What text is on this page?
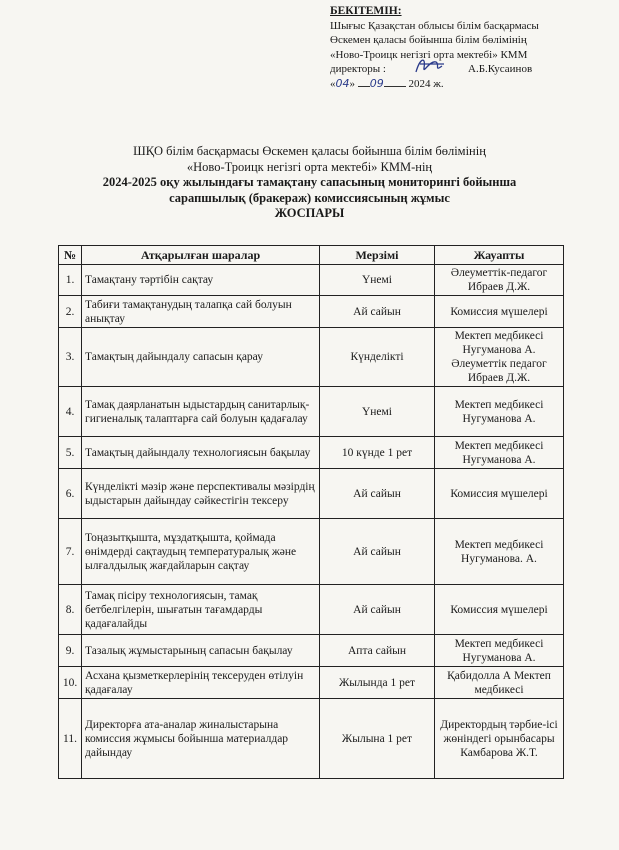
БЕКІТЕМІН:
Шығыс Қазақстан облысы білім басқармасы
Өскемен қаласы бойынша білім бөлімінің
«Ново-Троицк негізгі орта мектебі» КММ
директоры :	А.Б.Кусаинов
«04» 09 2024 ж.
ШҚО білім басқармасы Өскемен қаласы бойынша білім бөлімінің
«Ново-Троицк негізгі орта мектебі» КММ-нің
2024-2025 оқу жылындағы тамақтану сапасының мониторингі бойынша
сарапшылық (бракераж) комиссиясының жұмыс
ЖОСПАРЫ
№	Атқарылған шаралар	Мерзімі	Жауапты
1.	Тамақтану тәртібін сақтау	Үнемі	Әлеуметтік-педагог Ибраев Д.Ж.
2.	Табиғи тамақтанудың талапқа сай болуын анықтау	Ай сайын	Комиссия мүшелері
3.	Тамақтың дайындалу сапасын қарау	Күнделікті	Мектеп медбикесі Нугуманова А. Әлеуметтік педагог Ибраев Д.Ж.
4.	Тамақ даярланатын ыдыстардың санитарлық-гигиеналық талаптарға сай болуын қадағалау	Үнемі	Мектеп медбикесі Нугуманова А.
5.	Тамақтың дайындалу технологиясын бақылау	10 күнде 1 рет	Мектеп медбикесі Нугуманова А.
6.	Күнделікті мәзір және перспективалы мәзірдің ыдыстарын дайындау сәйкестігін тексеру	Ай сайын	Комиссия мүшелері
7.	Тоңазытқышта, мұздатқышта, қоймада өнімдерді сақтаудың температуралық және ылғалдылық жағдайларын сақтау	Ай сайын	Мектеп медбикесі Нугуманова. А.
8.	Тамақ пісіру технологиясын, тамақ бетбелгілерін, шығатын тағамдарды қадағалайды	Ай сайын	Комиссия мүшелері
9.	Тазалық жұмыстарының сапасын бақылау	Апта сайын	Мектеп медбикесі Нугуманова А.
10.	Асхана қызметкерлерінің тексеруден өтілуін қадағалау	Жылында 1 рет	Қабидолла А Мектеп медбикесі
11.	Директорға ата-аналар жиналыстарына комиссия жұмысы бойынша материалдар дайындау	Жылына 1 рет	Директордың тәрбие-ісі жөніндегі орынбасары Камбарова Ж.Т.
